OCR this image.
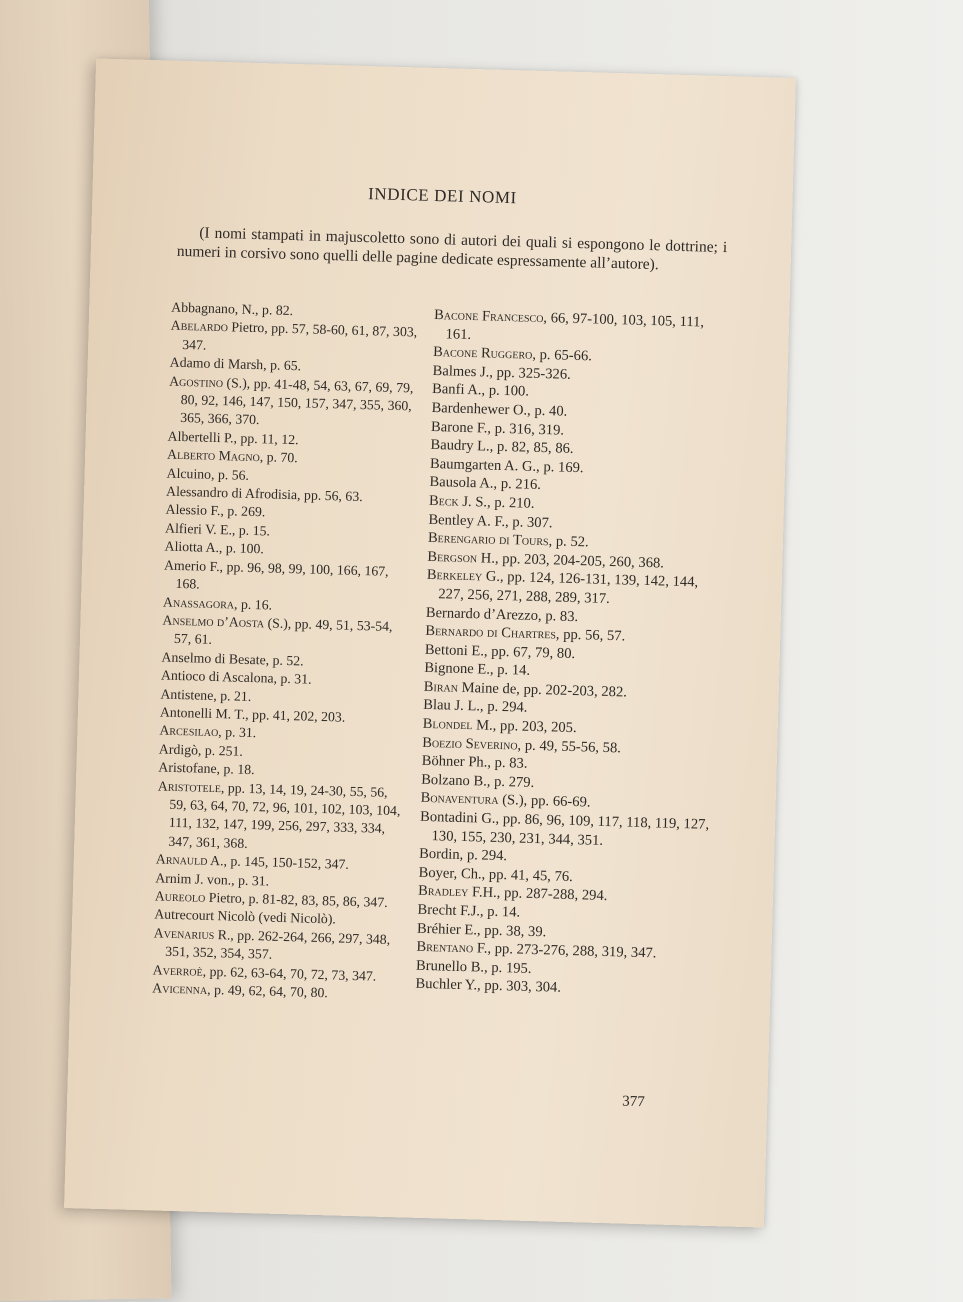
INDICE DEI NOMI
(I nomi stampati in majuscoletto sono di autori dei quali si espongono le dottrine; i numeri in corsivo sono quelli delle pagine dedicate espressamente all’autore).

Abbagnano, N., p. 82.

Abelardo Pietro, pp. 57, 58-60, 61, 87, 303, 347.

Adamo di Marsh, p. 65.

Agostino (S.), pp. 41-48, 54, 63, 67, 69, 79, 80, 92, 146, 147, 150, 157, 347, 355, 360, 365, 366, 370.

Albertelli P., pp. 11, 12.

Alberto Magno, p. 70.

Alcuino, p. 56.

Alessandro di Afrodisia, pp. 56, 63.

Alessio F., p. 269.

Alfieri V. E., p. 15.

Aliotta A., p. 100.

Amerio F., pp. 96, 98, 99, 100, 166, 167, 168.

Anassagora, p. 16.

Anselmo d’Aosta (S.), pp. 49, 51, 53-54, 57, 61.

Anselmo di Besate, p. 52.

Antioco di Ascalona, p. 31.

Antistene, p. 21.

Antonelli M. T., pp. 41, 202, 203.

Arcesilao, p. 31.

Ardigò, p. 251.

Aristofane, p. 18.

Aristotele, pp. 13, 14, 19, 24-30, 55, 56, 59, 63, 64, 70, 72, 96, 101, 102, 103, 104, 111, 132, 147, 199, 256, 297, 333, 334, 347, 361, 368.

Arnauld A., p. 145, 150-152, 347.

Arnim J. von., p. 31.

Aureolo Pietro, p. 81-82, 83, 85, 86, 347.

Autrecourt Nicolò (vedi Nicolò).

Avenarius R., pp. 262-264, 266, 297, 348, 351, 352, 354, 357.

Averroè, pp. 62, 63-64, 70, 72, 73, 347.

Avicenna, p. 49, 62, 64, 70, 80.

Bacone Francesco, 66, 97-100, 103, 105, 111, 161.

Bacone Ruggero, p. 65-66.

Balmes J., pp. 325-326.

Banfi A., p. 100.

Bardenhewer O., p. 40.

Barone F., p. 316, 319.

Baudry L., p. 82, 85, 86.

Baumgarten A. G., p. 169.

Bausola A., p. 216.

Beck J. S., p. 210.

Bentley A. F., p. 307.

Berengario di Tours, p. 52.

Bergson H., pp. 203, 204-205, 260, 368.

Berkeley G., pp. 124, 126-131, 139, 142, 144, 227, 256, 271, 288, 289, 317.

Bernardo d’Arezzo, p. 83.

Bernardo di Chartres, pp. 56, 57.

Bettoni E., pp. 67, 79, 80.

Bignone E., p. 14.

Biran Maine de, pp. 202-203, 282.

Blau J. L., p. 294.

Blondel M., pp. 203, 205.

Boezio Severino, p. 49, 55-56, 58.

Böhner Ph., p. 83.

Bolzano B., p. 279.

Bonaventura (S.), pp. 66-69.

Bontadini G., pp. 86, 96, 109, 117, 118, 119, 127, 130, 155, 230, 231, 344, 351.

Bordin, p. 294.

Boyer, Ch., pp. 41, 45, 76.

Bradley F.H., pp. 287-288, 294.

Brecht F.J., p. 14.

Bréhier E., pp. 38, 39.

Brentano F., pp. 273-276, 288, 319, 347.

Brunello B., p. 195.

Buchler Y., pp. 303, 304.

377
